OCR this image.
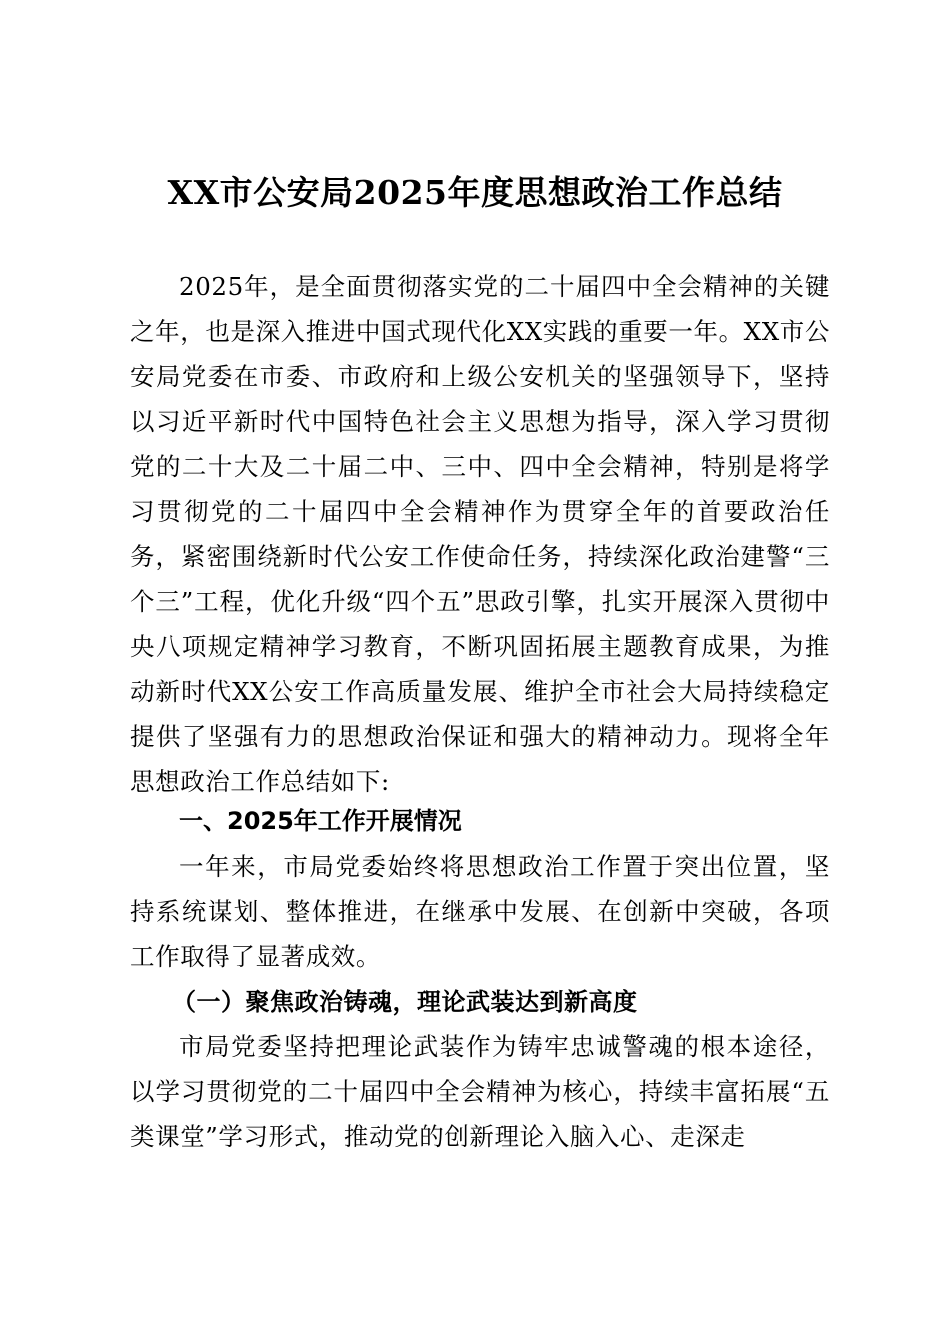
XX市公安局2025年度思想政治工作总结

2025年，是全面贯彻落实党的二十届四中全会精神的关键之年，也是深入推进中国式现代化XX实践的重要一年。XX市公安局党委在市委、市政府和上级公安机关的坚强领导下，坚持以习近平新时代中国特色社会主义思想为指导，深入学习贯彻党的二十大及二十届二中、三中、四中全会精神，特别是将学习贯彻党的二十届四中全会精神作为贯穿全年的首要政治任务，紧密围绕新时代公安工作使命任务，持续深化政治建警“三个三”工程，优化升级“四个五”思政引擎，扎实开展深入贯彻中央八项规定精神学习教育，不断巩固拓展主题教育成果，为推动新时代XX公安工作高质量发展、维护全市社会大局持续稳定提供了坚强有力的思想政治保证和强大的精神动力。现将全年思想政治工作总结如下:

一、2025年工作开展情况

一年来，市局党委始终将思想政治工作置于突出位置，坚持系统谋划、整体推进，在继承中发展、在创新中突破，各项工作取得了显著成效。

（一）聚焦政治铸魂，理论武装达到新高度

市局党委坚持把理论武装作为铸牢忠诚警魂的根本途径，以学习贯彻党的二十届四中全会精神为核心，持续丰富拓展“五类课堂”学习形式，推动党的创新理论入脑入心、走深走
